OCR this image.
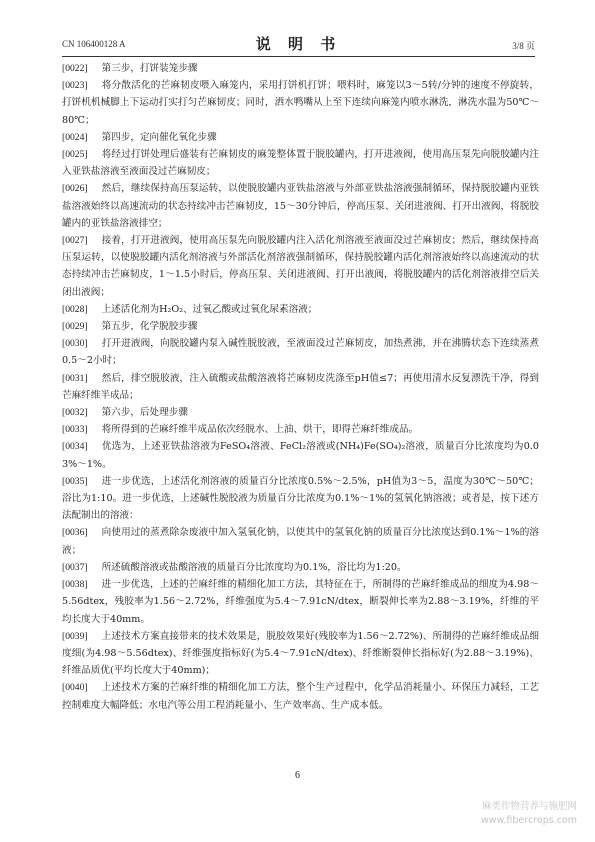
CN 106400128 A	说 明 书	3/8 页

[0022] 第三步，打饼装笼步骤

[0023] 将分散活化的芒麻韧皮喂入麻笼内，采用打饼机打饼；喂料时，麻笼以3～5转/分钟的速度不停旋转，打饼机机械脚上下运动打实打匀芒麻韧皮；同时，洒水鸭嘴从上至下连续向麻笼内喷水淋洗，淋洗水温为50℃～80℃；

[0024] 第四步，定向催化氧化步骤

[0025] 将经过打饼处理后盛装有芒麻韧皮的麻笼整体置于脱胶罐内，打开进液阀，使用高压泵先向脱胶罐内注入亚铁盐溶液至液面没过芒麻韧皮；

[0026] 然后，继续保持高压泵运转，以使脱胶罐内亚铁盐溶液与外部亚铁盐溶液强制循环，保持脱胶罐内亚铁盐溶液始终以高速流动的状态持续冲击芒麻韧皮，15～30分钟后，停高压泵、关闭进液阀、打开出液阀，将脱胶罐内的亚铁盐溶液排空；

[0027] 接着，打开进液阀，使用高压泵先向脱胶罐内注入活化剂溶液至液面没过芒麻韧皮；然后，继续保持高压泵运转，以使脱胶罐内活化剂溶液与外部活化剂溶液强制循环，保持脱胶罐内活化剂溶液始终以高速流动的状态持续冲击芒麻韧皮，1～1.5小时后，停高压泵、关闭进液阀、打开出液阀，将脱胶罐内的活化剂溶液排空后关闭出液阀；

[0028] 上述活化剂为H₂O₂、过氧乙酸或过氧化尿素溶液；

[0029] 第五步，化学脱胶步骤

[0030] 打开进液阀，向脱胶罐内泵入碱性脱胶液，至液面没过芒麻韧皮，加热煮沸，并在沸腾状态下连续蒸煮0.5～2小时；

[0031] 然后，排空脱胶液，注入硫酸或盐酸溶液将芒麻韧皮洗涤至pH值≤7；再使用清水反复漂洗干净，得到芒麻纤维半成品；

[0032] 第六步，后处理步骤

[0033] 将所得到的芒麻纤维半成品依次经脱水、上油、烘干，即得芒麻纤维成品。

[0034] 优选为，上述亚铁盐溶液为FeSO₄溶液、FeCl₂溶液或(NH₄)Fe(SO₄)₂溶液，质量百分比浓度均为0.03%～1%。

[0035] 进一步优选，上述活化剂溶液的质量百分比浓度0.5%～2.5%，pH值为3～5，温度为30℃～50℃；浴比为1:10。进一步优选，上述碱性脱胶液为质量百分比浓度为0.1%～1%的氢氧化钠溶液；或者是，按下述方法配制出的溶液：

[0036] 向使用过的蒸煮除杂废液中加入氢氧化钠，以使其中的氢氧化钠的质量百分比浓度达到0.1%～1%的溶液；

[0037] 所述硫酸溶液或盐酸溶液的质量百分比浓度均为0.1%，浴比均为1:20。

[0038] 进一步优选，上述的芒麻纤维的精细化加工方法，其特征在于，所制得的芒麻纤维成品的细度为4.98～5.56dtex，残胶率为1.56～2.72%，纤维强度为5.4～7.91cN/dtex，断裂伸长率为2.88～3.19%，纤维的平均长度大于40mm。

[0039] 上述技术方案直接带来的技术效果是，脱胶效果好(残胶率为1.56～2.72%)、所制得的芒麻纤维成品细度细(为4.98～5.56dtex)、纤维强度指标好(为5.4～7.91cN/dtex)、纤维断裂伸长指标好(为2.88～3.19%)、纤维品质优(平均长度大于40mm)；

[0040] 上述技术方案的芒麻纤维的精细化加工方法，整个生产过程中，化学品消耗量小、环保压力减轻，工艺控制难度大幅降低；水电汽等公用工程消耗量小、生产效率高、生产成本低。

6
麻类作物营养与施肥网
www.fibercrops.com
